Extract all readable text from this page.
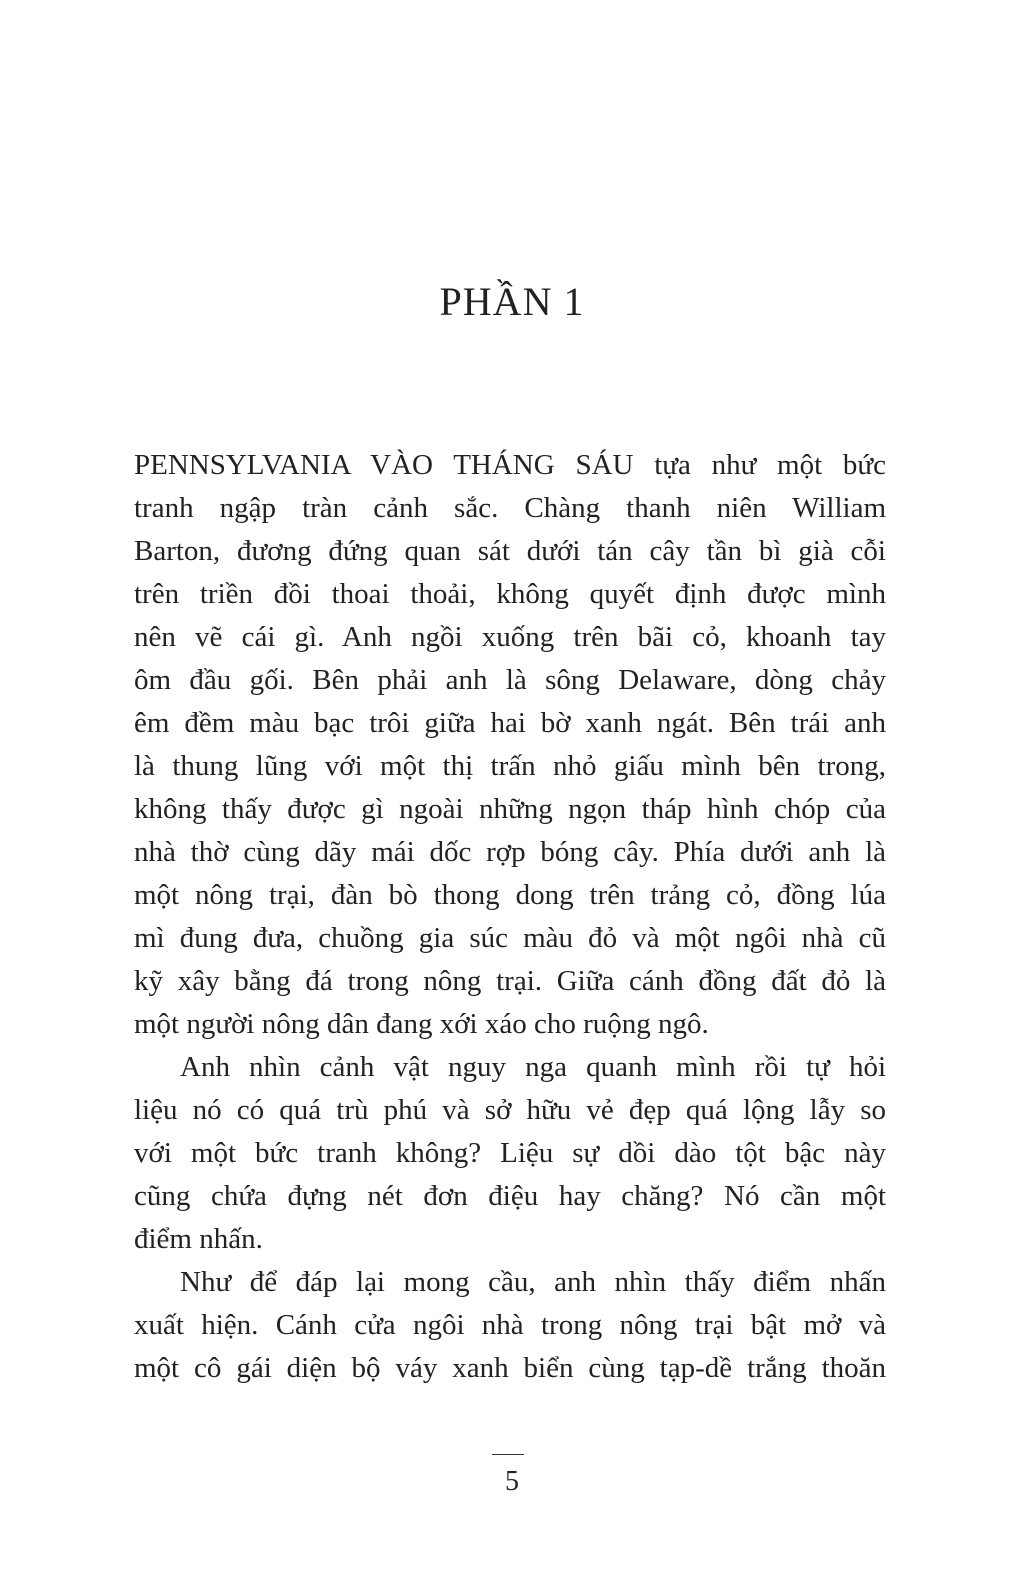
PHẦN 1
PENNSYLVANIA VÀO THÁNG SÁU tựa như một bức
tranh ngập tràn cảnh sắc. Chàng thanh niên William
Barton, đương đứng quan sát dưới tán cây tần bì già cỗi
trên triền đồi thoai thoải, không quyết định được mình
nên vẽ cái gì. Anh ngồi xuống trên bãi cỏ, khoanh tay
ôm đầu gối. Bên phải anh là sông Delaware, dòng chảy
êm đềm màu bạc trôi giữa hai bờ xanh ngát. Bên trái anh
là thung lũng với một thị trấn nhỏ giấu mình bên trong,
không thấy được gì ngoài những ngọn tháp hình chóp của
nhà thờ cùng dãy mái dốc rợp bóng cây. Phía dưới anh là
một nông trại, đàn bò thong dong trên trảng cỏ, đồng lúa
mì đung đưa, chuồng gia súc màu đỏ và một ngôi nhà cũ
kỹ xây bằng đá trong nông trại. Giữa cánh đồng đất đỏ là
một người nông dân đang xới xáo cho ruộng ngô.
Anh nhìn cảnh vật nguy nga quanh mình rồi tự hỏi
liệu nó có quá trù phú và sở hữu vẻ đẹp quá lộng lẫy so
với một bức tranh không? Liệu sự dồi dào tột bậc này
cũng chứa đựng nét đơn điệu hay chăng? Nó cần một
điểm nhấn.
Như để đáp lại mong cầu, anh nhìn thấy điểm nhấn
xuất hiện. Cánh cửa ngôi nhà trong nông trại bật mở và
một cô gái diện bộ váy xanh biển cùng tạp-dề trắng thoăn
5
